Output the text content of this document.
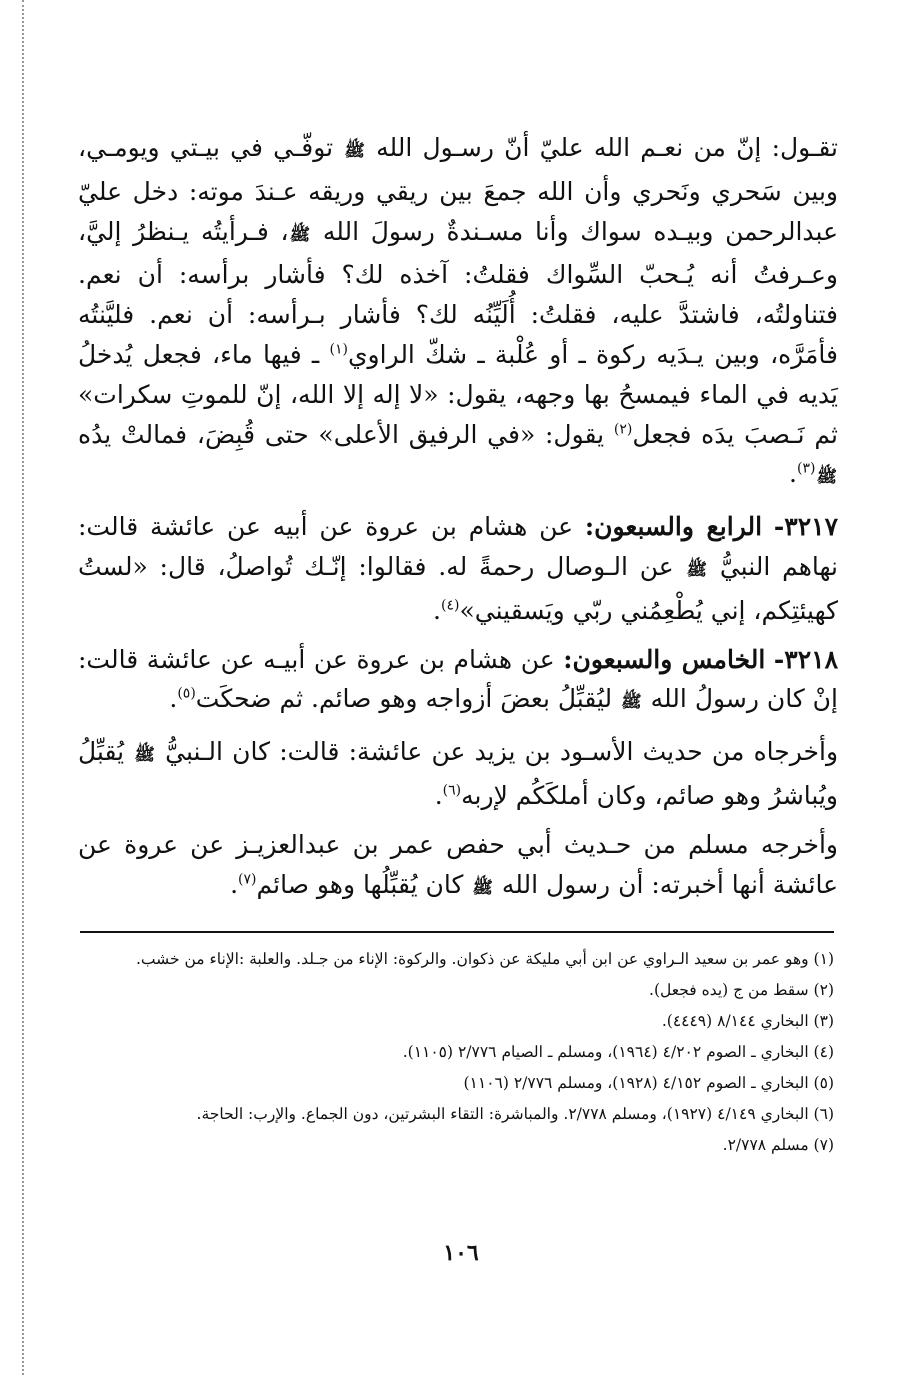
تقـول: إنّ من نعـم الله عليّ أنّ رسـول الله ﷺ توفّـي في بيـتي ويومـي، وبين سَحري ونَحري وأن الله جمعَ بين ريقي وريقه عـندَ موته: دخل عليّ عبدالرحمن وبيـده سواك وأنا مسـندةٌ رسولَ الله ﷺ، فـرأيتُه يـنظرُ إليَّ، وعـرفتُ أنه يُـحبّ السِّواك فقلتُ: آخذه لك؟ فأشار برأسه: أن نعم. فتناولتُه، فاشتدَّ عليه، فقلتُ: أُلَيِّنُه لك؟ فأشار بـرأسه: أن نعم. فليَّنتُه فأمَرَّه، وبين يـدَيه ركوة ـ أو عُلْبة ـ شكّ الراوي$^{(١)}$ ـ فيها ماء، فجعل يُدخلُ يَديه في الماء فيمسحُ بها وجهه، يقول: «لا إله إلا الله، إنّ للموتِ سكرات» ثم نَـصبَ يدَه فجعل$^{(٢)}$ يقول: «في الرفيق الأعلى» حتى قُبِضَ، فمالتْ يدُه ﷺ$^{(٣)}$.

٣٢١٧- الرابع والسبعون: عن هشام بن عروة عن أبيه عن عائشة قالت: نهاهم النبيُّ ﷺ عن الـوصال رحمةً له. فقالوا: إنّـك تُواصلُ، قال: «لستُ كهيئتِكم، إني يُطْعِمُني ربّي ويَسقيني»$^{(٤)}$.

٣٢١٨- الخامس والسبعون: عن هشام بن عروة عن أبيـه عن عائشة قالت: إنْ كان رسولُ الله ﷺ ليُقبِّلُ بعضَ أزواجه وهو صائم. ثم ضحكَت$^{(٥)}$.

وأخرجاه من حديث الأسـود بن يزيد عن عائشة: قالت: كان الـنبيُّ ﷺ يُقبِّلُ ويُباشرُ وهو صائم، وكان أملكَكُم لإربه$^{(٦)}$.

وأخرجه مسلم من حـديث أبي حفص عمر بن عبدالعزيـز عن عروة عن عائشة أنها أخبرته: أن رسول الله ﷺ كان يُقبِّلُها وهو صائم$^{(٧)}$.

(١) وهو عمر بن سعيد الـراوي عن ابن أبي مليكة عن ذكوان. والركوة: الإناء من جـلد. والعلبة :الإناء من خشب.

(٢) سقط من ج (يده فجعل).

(٣) البخاري ٨/١٤٤ (٤٤٤٩).

(٤) البخاري ـ الصوم ٤/٢٠٢ (١٩٦٤)، ومسلم ـ الصيام ٢/٧٧٦ (١١٠٥).

(٥) البخاري ـ الصوم ٤/١٥٢ (١٩٢٨)، ومسلم ٢/٧٧٦ (١١٠٦)

(٦) البخاري ٤/١٤٩ (١٩٢٧)، ومسلم ٢/٧٧٨. والمباشرة: التقاء البشرتين، دون الجماع. والإرب: الحاجة.

(٧) مسلم ٢/٧٧٨.

١٠٦
